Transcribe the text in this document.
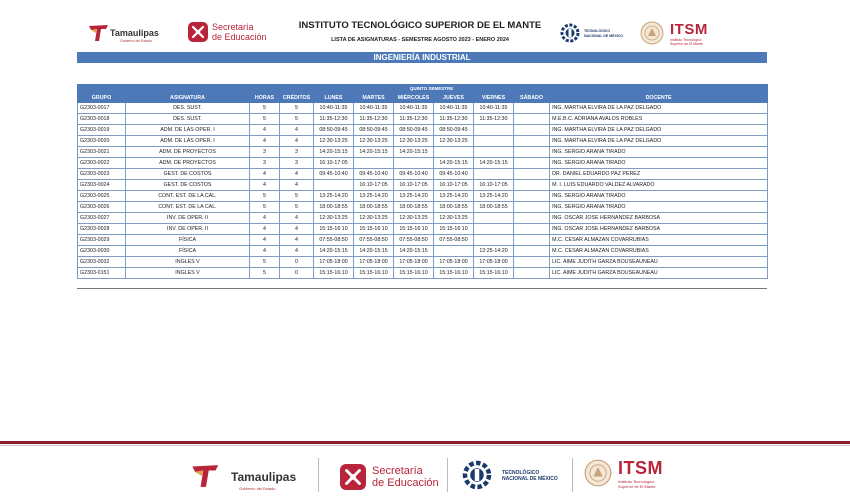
Tamaulipas
Gobierno del Estado
Secretaría
de Educación
INSTITUTO TECNOLÓGICO SUPERIOR DE EL MANTE
LISTA DE ASIGNATURAS - SEMESTRE AGOSTO 2023 - ENERO 2024
TECNOLÓGICO
NACIONAL DE MÉXICO	ITSM
Instituto Tecnológico
Superior de El Mante
INGENIERÍA INDUSTRIAL
				QUINTO SEMESTRE						
GRUPO	ASIGNATURA	HORAS	CRÉDITOS	LUNES	MARTES	MIÉRCOLES	JUEVES	VIERNES	SÁBADO	DOCENTE
G2303-0017	DES. SUST.	5	5	10:40-11:35	10:40-11:35	10:40-11:35	10:40-11:35	10:40-11:35		ING. MARTHA ELVIRA DE LA PAZ DELGADO
G2303-0018	DES. SUST.	5	5	11:35-12:30	11:35-12:30	11:35-12:30	11:35-12:30	11:35-12:30		M.E.B.C. ADRIANA AVALOS ROBLES
G2303-0019	ADM. DE LAS OPER. I	4	4	08:50-09:45	08:50-09:45	08:50-09:45	08:50-09:45			ING. MARTHA ELVIRA DE LA PAZ DELGADO
G2303-0020	ADM. DE LAS OPER. I	4	4	12:30-13:25	12:30-13:25	12:30-13:25	12:30-13:25			ING. MARTHA ELVIRA DE LA PAZ DELGADO
G2303-0021	ADM. DE PROYECTOS	3	3	14:20-15:15	14:20-15:15	14:20-15:15				ING. SERGIO ARANA TIRADO
G2303-0022	ADM. DE PROYECTOS	3	3	16:10-17:05			14:20-15:15	14:20-15:15		ING. SERGIO ARANA TIRADO
G2303-0023	GEST. DE COSTOS	4	4	09:45-10:40	09:45-10:40	09:45-10:40	09:45-10:40			DR. DANIEL EDUARDO PAZ PEREZ
G2303-0024	GEST. DE COSTOS	4	4		16:10-17:05	16:10-17:05	16:10-17:05	16:10-17:05		M. I. LUIS EDUARDO VALDEZ ALVARADO
G2303-0025	CONT. EST. DE LA CAL.	5	5	13:25-14:20	13:25-14:20	13:25-14:20	13:25-14:20	13:25-14:20		ING. SERGIO ARANA TIRADO
G2303-0026	CONT. EST. DE LA CAL.	5	5	18:00-18:55	18:00-18:55	18:00-18:55	18:00-18:55	18:00-18:55		ING. SERGIO ARANA TIRADO
G2303-0027	INV. DE OPER. II	4	4	12:30-13:25	12:30-13:25	12:30-13:25	12:30-13:25			ING. OSCAR JOSE HERNANDEZ BARBOSA
G2303-0028	INV. DE OPER. II	4	4	15:15-16:10	15:15-16:10	15:15-16:10	15:15-16:10			ING. OSCAR JOSE HERNANDEZ BARBOSA
G2303-0029	FÍSICA	4	4	07:55-08:50	07:55-08:50	07:55-08:50	07:55-08:50			M.C. CESAR ALMAZAN COVARRUBIAS
G2303-0030	FÍSICA	4	4	14:20-15:15	14:20-15:15	14:20-15:15		13:25-14:20		M.C. CESAR ALMAZAN COVARRUBIAS
G2303-0032	INGLES V	5	0	17:05-18:00	17:05-18:00	17:05-18:00	17:05-18:00	17:05-18:00		LIC. AIME JUDITH GARZA BOUSEAUNEAU
G2303-0151	INGLES V	5	0	15:15-16:10	15:15-16:10	15:15-16:10	15:15-16:10	15:15-16:10		LIC. AIME JUDITH GARZA BOUSEAUNEAU
Tamaulipas
Gobierno del Estado
Secretaría
de Educación
TECNOLÓGICO
NACIONAL DE MÉXICO
ITSM
Instituto Tecnológico
Superior de El Mante
